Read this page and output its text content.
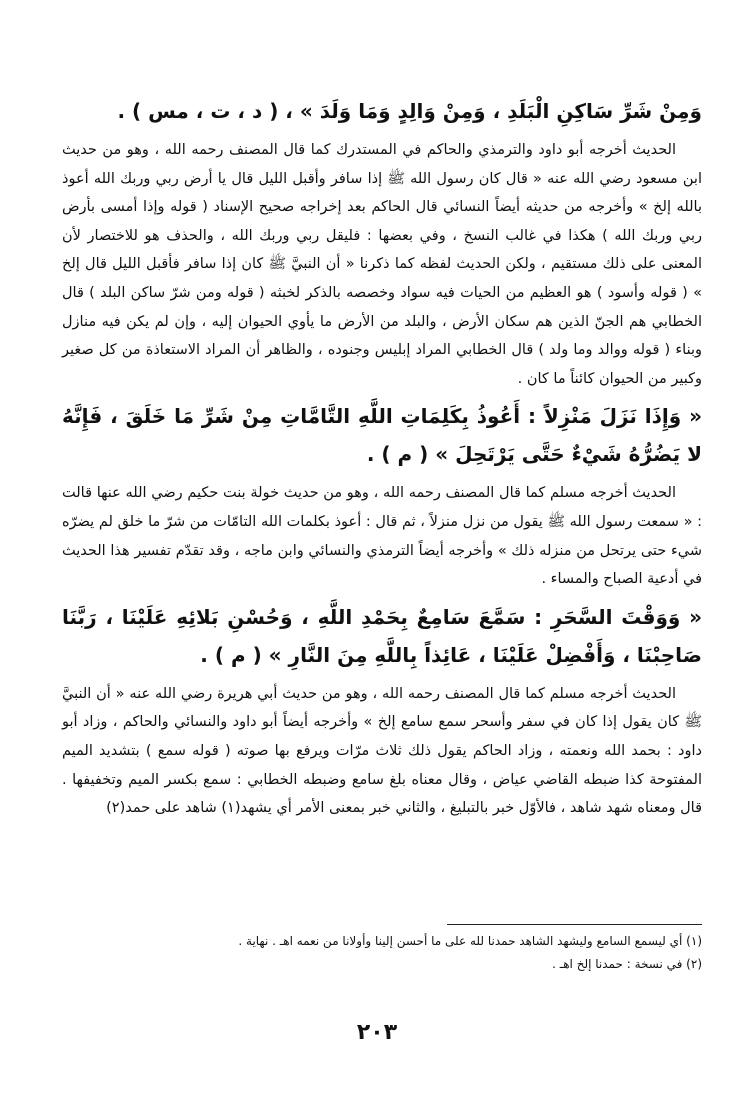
وَمِنْ شَرِّ سَاكِنِ الْبَلَدِ ، وَمِنْ وَالِدٍ وَمَا وَلَدَ » ، ( د ، ت ، مس ) .

الحديث أخرجه أبو داود والترمذي والحاكم في المستدرك كما قال المصنف رحمه الله ، وهو من حديث ابن مسعود رضي الله عنه « قال كان رسول الله ﷺ إذا سافر وأقبل الليل قال يا أرض ربي وربك الله أعوذ بالله إلخ » وأخرجه من حديثه أيضاً النسائي قال الحاكم بعد إخراجه صحيح الإسناد ( قوله وإذا أمسى بأرض ربي وربك الله ) هكذا في غالب النسخ ، وفي بعضها : فليقل ربي وربك الله ، والحذف هو للاختصار لأن المعنى على ذلك مستقيم ، ولكن الحديث لفظه كما ذكرنا « أن النبيَّ ﷺ كان إذا سافر فأقبل الليل قال إلخ » ( قوله وأسود ) هو العظيم من الحيات فيه سواد وخصصه بالذكر لخبثه ( قوله ومن شرّ ساكن البلد ) قال الخطابي هم الجنّ الذين هم سكان الأرض ، والبلد من الأرض ما يأوي الحيوان إليه ، وإن لم يكن فيه منازل وبناء ( قوله ووالد وما ولد ) قال الخطابي المراد إبليس وجنوده ، والظاهر أن المراد الاستعاذة من كل صغير وكبير من الحيوان كائناً ما كان .

« وَإِذَا نَزَلَ مَنْزِلاً : أَعُوذُ بِكَلِمَاتِ اللَّهِ التَّامَّاتِ مِنْ شَرِّ مَا خَلَقَ ، فَإِنَّهُ لا يَضُرُّهُ شَيْءٌ حَتَّى يَرْتَحِلَ » ( م ) .

الحديث أخرجه مسلم كما قال المصنف رحمه الله ، وهو من حديث خولة بنت حكيم رضي الله عنها قالت : « سمعت رسول الله ﷺ يقول من نزل منزلاً ، ثم قال : أعوذ بكلمات الله التامّات من شرّ ما خلق لم يضرّه شيء حتى يرتحل من منزله ذلك » وأخرجه أيضاً الترمذي والنسائي وابن ماجه ، وقد تقدّم تفسير هذا الحديث في أدعية الصباح والمساء .

« وَوَقْتَ السَّحَرِ : سَمَّعَ سَامِعٌ بِحَمْدِ اللَّهِ ، وَحُسْنِ بَلائِهِ عَلَيْنَا ، رَبَّنَا صَاحِبْنَا ، وَأَفْضِلْ عَلَيْنَا ، عَائِذاً بِاللَّهِ مِنَ النَّارِ » ( م ) .

الحديث أخرجه مسلم كما قال المصنف رحمه الله ، وهو من حديث أبي هريرة رضي الله عنه « أن النبيَّ ﷺ كان يقول إذا كان في سفر وأسحر سمع سامع إلخ » وأخرجه أيضاً أبو داود والنسائي والحاكم ، وزاد أبو داود : بحمد الله ونعمته ، وزاد الحاكم يقول ذلك ثلاث مرّات ويرفع بها صوته ( قوله سمع ) بتشديد الميم المفتوحة كذا ضبطه القاضي عياض ، وقال معناه بلغ سامع وضبطه الخطابي : سمع بكسر الميم وتخفيفها . قال ومعناه شهد شاهد ، فالأوّل خبر بالتبليغ ، والثاني خبر بمعنى الأمر أي يشهد(١) شاهد على حمد(٢)

(١) أي ليسمع السامع وليشهد الشاهد حمدنا لله على ما أحسن إلينا وأولانا من نعمه اهـ . نهاية .

(٢) في نسخة : حمدنا إلخ اهـ .

٢٠٣
